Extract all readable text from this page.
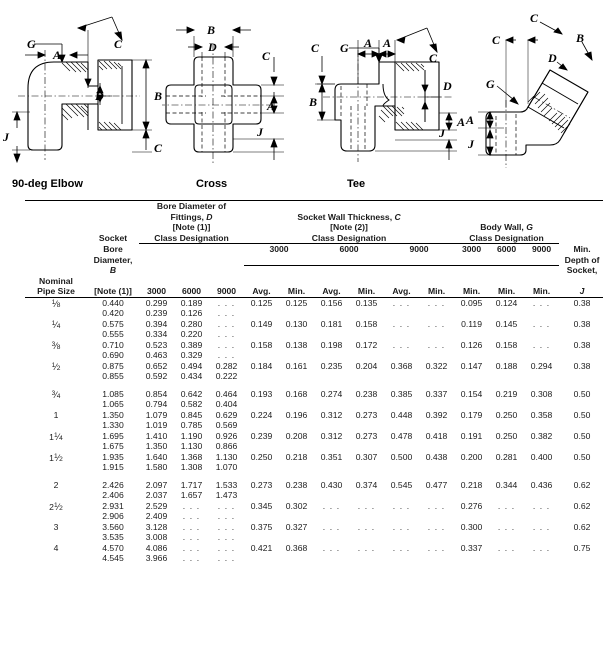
A
C
G
D	B
C
J
90-deg Elbow
B
D
C
A
J
Cross
A A
C
C G
B
D
A
J
Tee
C
C
B
D
G
A
J

Bore Diameter of
Fittings, D
[Note (1)]

Socket Wall Thickness, C
[Note (2)]	Body Wall, G

	Socket	Class Designation			Class Designation						Class Designation			
	Bore				3000		6000		9000		3000	6000	9000	Min.
	Diameter,													Depth of
	B													Socket,

Nominal
Pipe Size	[Note (1)]	3000	6000	9000	Avg.	Min.	Avg.	Min.	Avg.	Min.	Min.	Min.	Min.	J
$^1$⁄8	0.440	0.299	0.189	. . .	0.125	0.125	0.156	0.135	. . .	. . .	0.095	0.124	. . .	0.38
	0.420	0.239	0.126	. . .										
$^1$⁄4	0.575	0.394	0.280	. . .	0.149	0.130	0.181	0.158	. . .	. . .	0.119	0.145	. . .	0.38
	0.555	0.334	0.220	. . .										
$^3$⁄8	0.710	0.523	0.389	. . .	0.158	0.138	0.198	0.172	. . .	. . .	0.126	0.158	. . .	0.38
	0.690	0.463	0.329	. . .										
$^1$⁄2	0.875	0.652	0.494	0.282	0.184	0.161	0.235	0.204	0.368	0.322	0.147	0.188	0.294	0.38
	0.855	0.592	0.434	0.222										

$^3$⁄4	1.085	0.854	0.642	0.464	0.193	0.168	0.274	0.238	0.385	0.337	0.154	0.219	0.308	0.50
	1.065	0.794	0.582	0.404										
1	1.350	1.079	0.845	0.629	0.224	0.196	0.312	0.273	0.448	0.392	0.179	0.250	0.358	0.50
	1.330	1.019	0.785	0.569										
$1^1⁄4$	1.695	1.410	1.190	0.926	0.239	0.208	0.312	0.273	0.478	0.418	0.191	0.250	0.382	0.50
	1.675	1.350	1.130	0.866										
$1^1⁄2$	1.935	1.640	1.368	1.130	0.250	0.218	0.351	0.307	0.500	0.438	0.200	0.281	0.400	0.50
	1.915	1.580	1.308	1.070										

2	2.426	2.097	1.717	1.533	0.273	0.238	0.430	0.374	0.545	0.477	0.218	0.344	0.436	0.62
	2.406	2.037	1.657	1.473										
$2^1⁄2$	2.931	2.529	. . .	. . .	0.345	0.302	. . .	. . .	. . .	. . .	0.276	. . .	. . .	0.62
	2.906	2.409	. . .	. . .										
3	3.560	3.128	. . .	. . .	0.375	0.327	. . .	. . .	. . .	. . .	0.300	. . .	. . .	0.62
	3.535	3.008	. . .	. . .										
4	4.570	4.086	. . .	. . .	0.421	0.368	. . .	. . .	. . .	. . .	0.337	. . .	. . .	0.75
	4.545	3.966	. . .	. . .										
